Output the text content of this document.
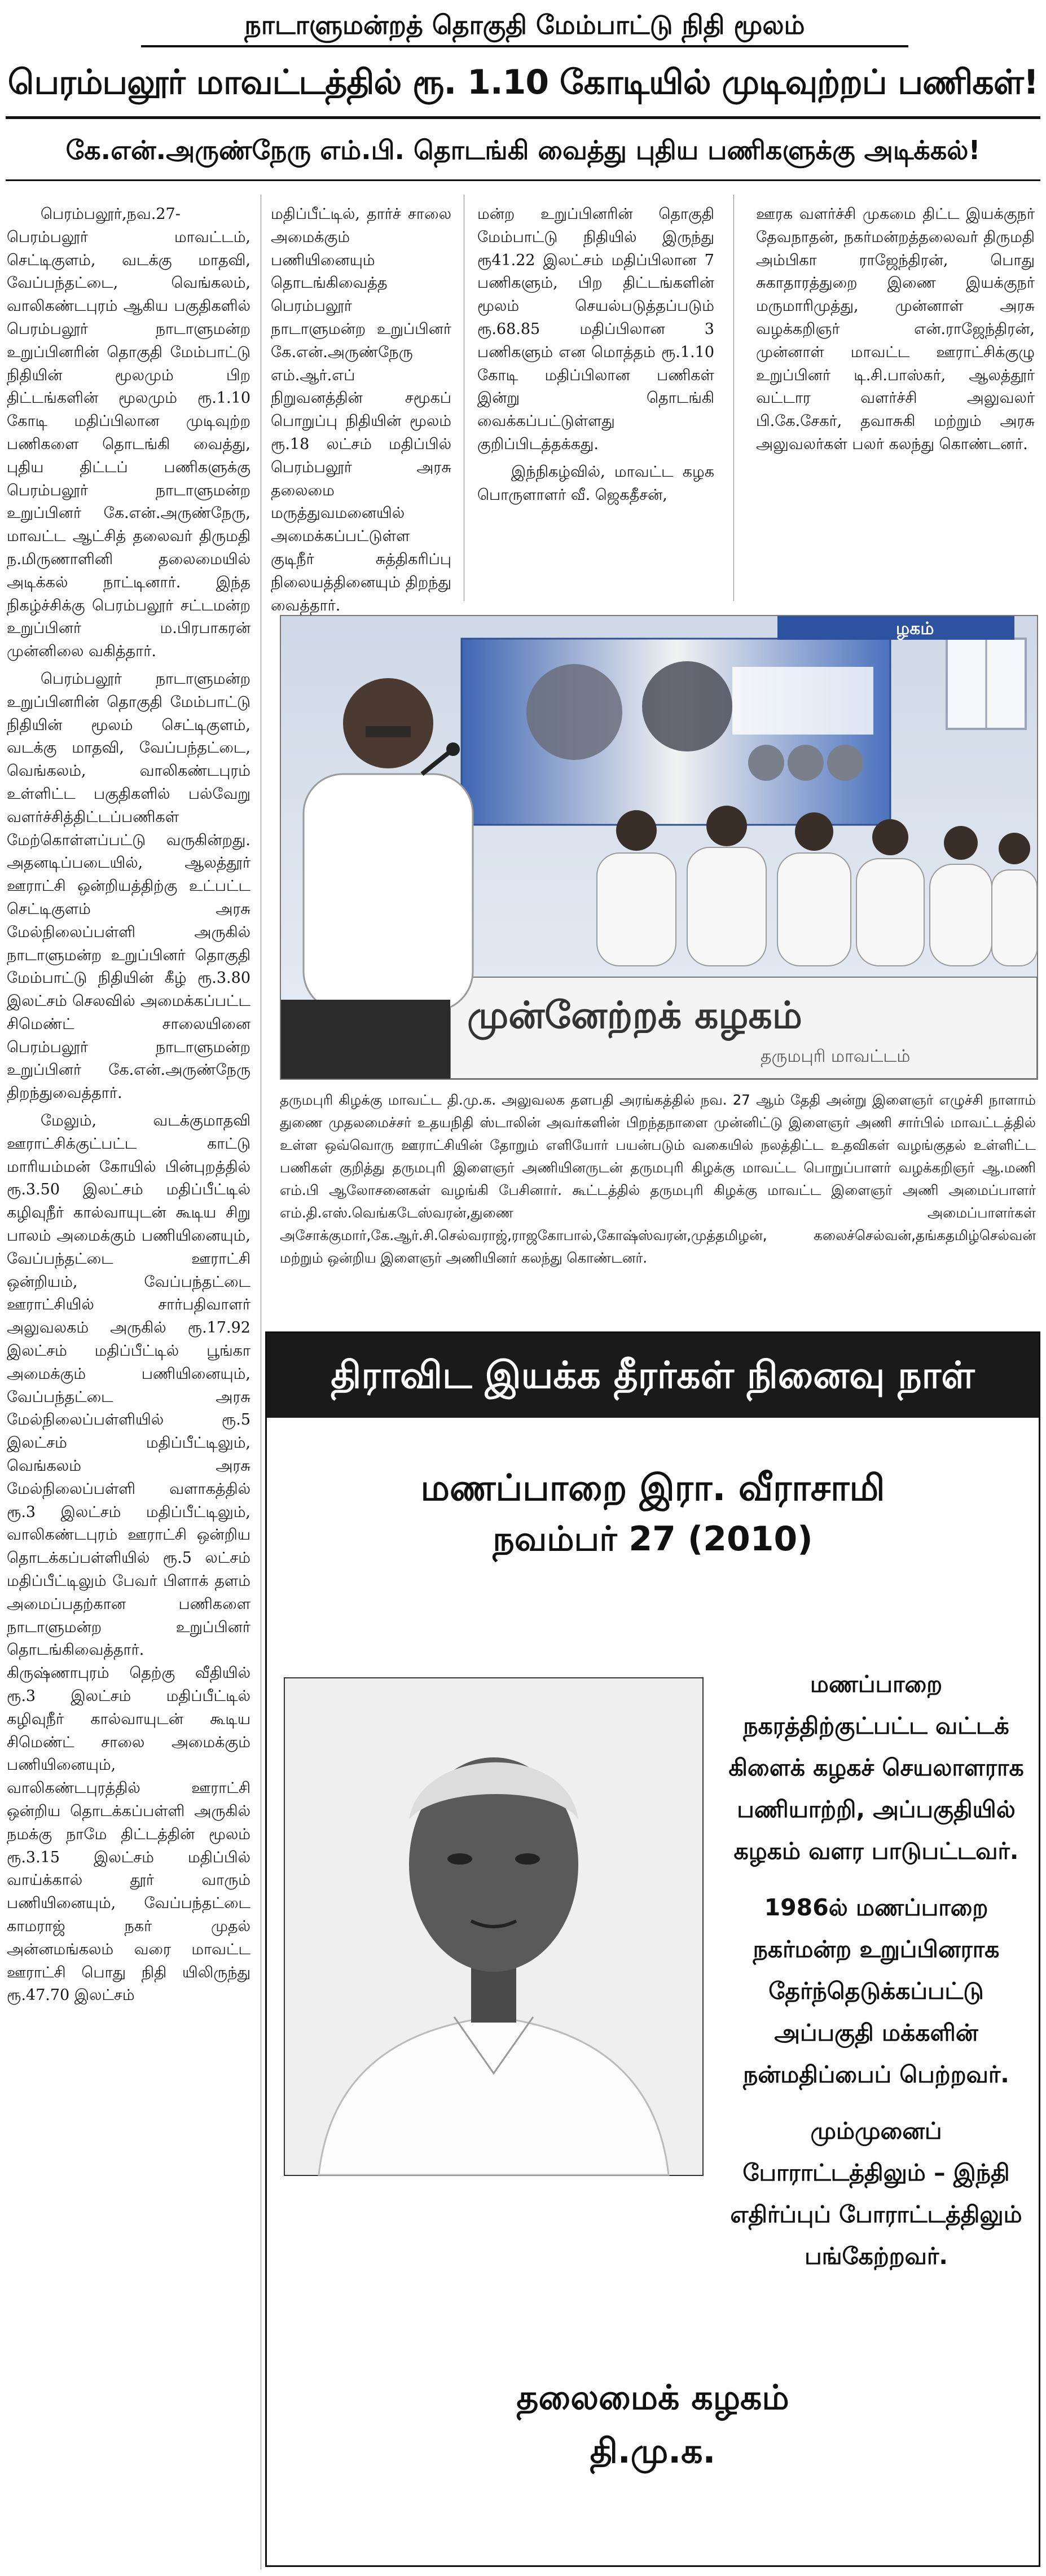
நாடாளுமன்றத் தொகுதி மேம்பாட்டு நிதி மூலம்
பெரம்பலூர் மாவட்டத்தில் ரூ. 1.10 கோடியில் முடிவுற்றப் பணிகள்!
கே.என்.அருண்நேரு எம்.பி. தொடங்கி வைத்து புதிய பணிகளுக்கு அடிக்கல்!

பெரம்பலூர்,நவ.27- பெரம்பலூர் மாவட்டம், செட்டிகுளம், வடக்கு மாதவி, வேப்பந்தட்டை, வெங்கலம், வாலிகண்டபுரம் ஆகிய பகுதிகளில் பெரம்பலூர் நாடாளுமன்ற உறுப்பினரின் தொகுதி மேம்பாட்டு நிதியின் மூலமும் பிற திட்டங்களின் மூலமும் ரூ.1.10 கோடி மதிப்பிலான முடிவுற்ற பணிகளை தொடங்கி வைத்து, புதிய திட்டப் பணிகளுக்கு பெரம்பலூர் நாடாளுமன்ற உறுப்பினர் கே.என்.அருண்நேரு, மாவட்ட ஆட்சித் தலைவர் திருமதி ந.மிருணாளினி தலைமையில் அடிக்கல் நாட்டினார். இந்த நிகழ்ச்சிக்கு பெரம்பலூர் சட்டமன்ற உறுப்பினர் ம.பிரபாகரன் முன்னிலை வகித்தார்.

பெரம்பலூர் நாடாளுமன்ற உறுப்பினரின் தொகுதி மேம்பாட்டு நிதியின் மூலம் செட்டிகுளம், வடக்கு மாதவி, வேப்பந்தட்டை, வெங்கலம், வாலிகண்டபுரம் உள்ளிட்ட பகுதிகளில் பல்வேறு வளர்ச்சித்திட்டப்பணிகள் மேற்கொள்ளப்பட்டு வருகின்றது. அதனடிப்படையில், ஆலத்தூர் ஊராட்சி ஒன்றியத்திற்கு உட்பட்ட செட்டிகுளம் அரசு மேல்நிலைப்பள்ளி அருகில் நாடாளுமன்ற உறுப்பினர் தொகுதி மேம்பாட்டு நிதியின் கீழ் ரூ.3.80 இலட்சம் செலவில் அமைக்கப்பட்ட சிமெண்ட் சாலையினை பெரம்பலூர் நாடாளுமன்ற உறுப்பினர் கே.என்.அருண்நேரு திறந்துவைத்தார்.

மேலும், வடக்குமாதவி ஊராட்சிக்குட்பட்ட காட்டு மாரியம்மன் கோயில் பின்புறத்தில் ரூ.3.50 இலட்சம் மதிப்பீட்டில் கழிவுநீர் கால்வாயுடன் கூடிய சிறு பாலம் அமைக்கும் பணியினையும், வேப்பந்தட்டை ஊராட்சி ஒன்றியம், வேப்பந்தட்டை ஊராட்சியில் சார்பதிவாளர் அலுவலகம் அருகில் ரூ.17.92 இலட்சம் மதிப்பீட்டில் பூங்கா அமைக்கும் பணியினையும், வேப்பந்தட்டை அரசு மேல்நிலைப்பள்ளியில் ரூ.5 இலட்சம் மதிப்பீட்டிலும், வெங்கலம் அரசு மேல்நிலைப்பள்ளி வளாகத்தில் ரூ.3 இலட்சம் மதிப்பீட்டிலும், வாலிகண்டபுரம் ஊராட்சி ஒன்றிய தொடக்கப்பள்ளியில் ரூ.5 லட்சம் மதிப்பீட்டிலும் பேவர் பிளாக் தளம் அமைப்பதற்கான பணிகளை நாடாளுமன்ற உறுப்பினர் தொடங்கிவைத்தார். கிருஷ்ணாபுரம் தெற்கு வீதியில் ரூ.3 இலட்சம் மதிப்பீட்டில் கழிவுநீர் கால்வாயுடன் கூடிய சிமெண்ட் சாலை அமைக்கும் பணியினையும், வாலிகண்டபுரத்தில் ஊராட்சி ஒன்றிய தொடக்கப்பள்ளி அருகில் நமக்கு நாமே திட்டத்தின் மூலம் ரூ.3.15 இலட்சம் மதிப்பில் வாய்க்கால் தூர் வாரும் பணியினையும், வேப்பந்தட்டை காமராஜ் நகர் முதல் அன்னமங்கலம் வரை மாவட்ட ஊராட்சி பொது நிதி யிலிருந்து ரூ.47.70 இலட்சம்

மதிப்பீட்டில், தார்ச் சாலை அமைக்கும் பணியினையும் தொடங்கிவைத்த பெரம்பலூர் நாடாளுமன்ற உறுப்பினர் கே.என்.அருண்நேரு எம்.ஆர்.எப் நிறுவனத்தின் சமூகப் பொறுப்பு நிதியின் மூலம் ரூ.18 லட்சம் மதிப்பில் பெரம்பலூர் அரசு தலைமை மருத்துவமனையில் அமைக்கப்பட்டுள்ள குடிநீர் சுத்திகரிப்பு நிலையத்தினையும் திறந்து வைத்தார்.

மன்ற உறுப்பினரின் தொகுதி மேம்பாட்டு நிதியில் இருந்து ரூ41.22 இலட்சம் மதிப்பிலான 7 பணிகளும், பிற திட்டங்களின் மூலம் செயல்படுத்தப்படும் ரூ.68.85 மதிப்பிலான 3 பணிகளும் என மொத்தம் ரூ.1.10 கோடி மதிப்பிலான பணிகள் இன்று தொடங்கி வைக்கப்பட்டுள்ளது குறிப்பிடத்தக்கது.

இந்நிகழ்வில், மாவட்ட கழக பொருளாளர் வீ. ஜெகதீசன்,

ஊரக வளர்ச்சி முகமை திட்ட இயக்குநர் தேவநாதன், நகர்மன்றத்தலைவர் திருமதி அம்பிகா ராஜேந்திரன், பொது சுகாதாரத்துறை இணை இயக்குநர் மருமாரிமுத்து, முன்னாள் அரசு வழக்கறிஞர் என்.ராஜேந்திரன், முன்னாள் மாவட்ட ஊராட்சிக்குழு உறுப்பினர் டி.சி.பாஸ்கர், ஆலத்தூர் வட்டார வளர்ச்சி அலுவலர் பி.கே.சேகர், தவாசுகி மற்றும் அரசு அலுவலர்கள் பலர் கலந்து கொண்டனர்.

ழகம்
முன்னேற்றக் கழகம்
தருமபுரி மாவட்டம்
தருமபுரி கிழக்கு மாவட்ட தி.மு.க. அலுவலக தளபதி அரங்கத்தில் நவ. 27 ஆம் தேதி அன்று இளைஞர் எழுச்சி நாளாம் துணை முதலமைச்சர் உதயநிதி ஸ்டாலின் அவர்களின் பிறந்தநாளை முன்னிட்டு இளைஞர் அணி சார்பில் மாவட்டத்தில் உள்ள ஒவ்வொரு ஊராட்சியின் தோறும் எளியோர் பயன்படும் வகையில் நலத்திட்ட உதவிகள் வழங்குதல் உள்ளிட்ட பணிகள் குறித்து தருமபுரி இளைஞர் அணியினருடன் தருமபுரி கிழக்கு மாவட்ட பொறுப்பாளர் வழக்கறிஞர் ஆ.மணி எம்.பி ஆலோசனைகள் வழங்கி பேசினார். கூட்டத்தில் தருமபுரி கிழக்கு மாவட்ட இளைஞர் அணி அமைப்பாளர் எம்.தி.எஸ்.வெங்கடேஸ்வரன்,துணை அமைப்பாளர்கள் அசோக்குமார்,கே.ஆர்.சி.செல்வராஜ்,ராஜகோபால்,கோஷ்ஸ்வரன்,முத்தமிழன், கலைச்செல்வன்,தங்கதமிழ்செல்வன் மற்றும் ஒன்றிய இளைஞர் அணியினர் கலந்து கொண்டனர்.
திராவிட இயக்க தீரர்கள் நினைவு நாள்
மணப்பாறை இரா. வீராசாமி
நவம்பர் 27 (2010)

மணப்பாறை நகரத்திற்குட்பட்ட வட்டக் கிளைக் கழகச் செயலாளராக பணியாற்றி, அப்பகுதியில் கழகம் வளர பாடுபட்டவர்.

1986ல் மணப்பாறை நகர்மன்ற உறுப்பினராக தேர்ந்தெடுக்கப்பட்டு அப்பகுதி மக்களின் நன்மதிப்பைப் பெற்றவர்.

மும்முனைப் போராட்டத்திலும் – இந்தி எதிர்ப்புப் போராட்டத்திலும் பங்கேற்றவர்.

தலைமைக் கழகம்
தி.மு.க.
